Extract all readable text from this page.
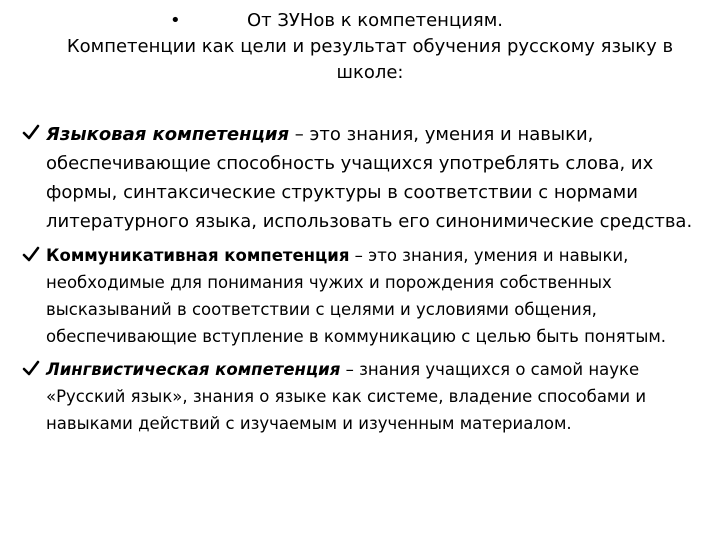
•	От ЗУНов к компетенциям.
Компетенции как цели и результат обучения русскому языку в школе:
Языковая компетенция – это знания, умения и навыки, обеспечивающие способность учащихся употреблять слова, их формы, синтаксические структуры в соответствии с нормами литературного языка, использовать его синонимические средства.
Коммуникативная компетенция – это знания, умения и навыки, необходимые для понимания чужих и порождения собственных высказываний в соответствии с целями и условиями общения, обеспечивающие вступление в коммуникацию с целью быть понятым.
Лингвистическая компетенция – знания учащихся о самой науке «Русский язык», знания о языке как системе, владение способами и навыками действий с изучаемым и изученным материалом.
